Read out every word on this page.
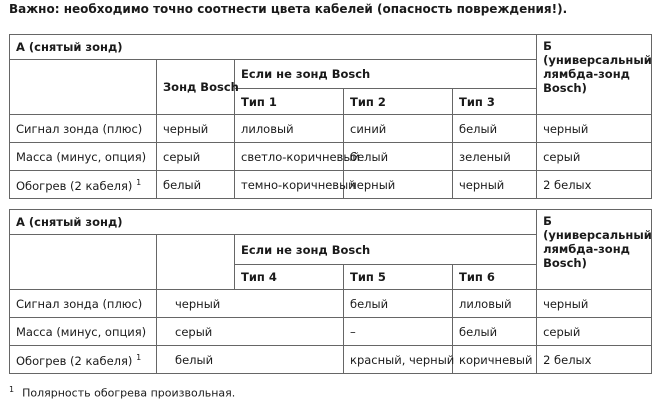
Важно: необходимо точно соотнести цвета кабелей (опасность повреждения!).
А (снятый зонд)					Б (универсальный лямбда-зонд Bosch)
	Зонд Bosch	Если не зонд Bosch			
		Тип 1	Тип 2	Тип 3	
Сигнал зонда (плюс)	черный	лиловый	синий	белый	черный
Масса (минус, опция)	серый	светло-коричневый	белый	зеленый	серый
Обогрев (2 кабеля) $^1$	белый	темно-коричневый	черный	черный	2 белых
А (снятый зонд)					Б (универсальный лямбда-зонд Bosch)
		Если не зонд Bosch			
		Тип 4	Тип 5	Тип 6	
Сигнал зонда (плюс)	черный		белый	лиловый	черный
Масса (минус, опция)	серый		–	белый	серый
Обогрев (2 кабеля) $^1$	белый		красный, черный	коричневый	2 белых
$^1$ Полярность обогрева произвольная.
